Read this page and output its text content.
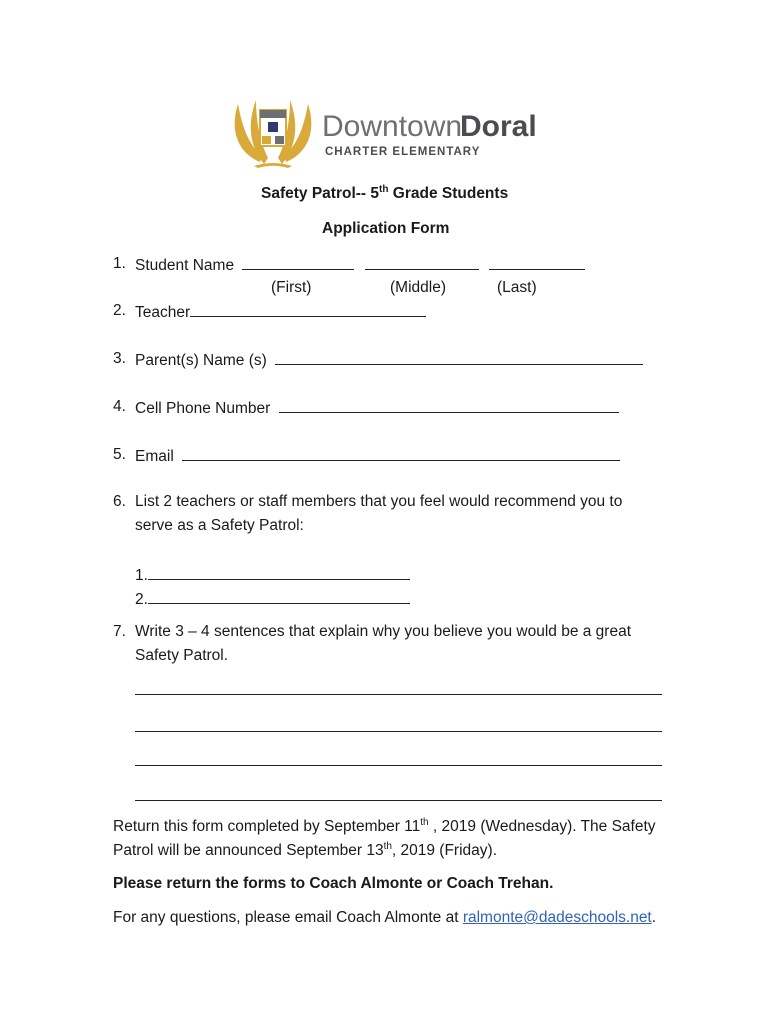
Downtown
Doral
CHARTER ELEMENTARY
Safety Patrol-- 5th Grade Students
Application Form
1. Student Name
(First)	(Middle)	(Last)
2. Teacher
3. Parent(s) Name (s)
4. Cell Phone Number
5. Email
6. List 2 teachers or staff members that you feel would recommend you to
serve as a Safety Patrol:
1.
2.
7. Write 3 – 4 sentences that explain why you believe you would be a great
Safety Patrol.
Return this form completed by September 11th , 2019 (Wednesday). The Safety
Patrol will be announced September 13th, 2019 (Friday).
Please return the forms to Coach Almonte or Coach Trehan.
For any questions, please email Coach Almonte at ralmonte@dadeschools.net.
